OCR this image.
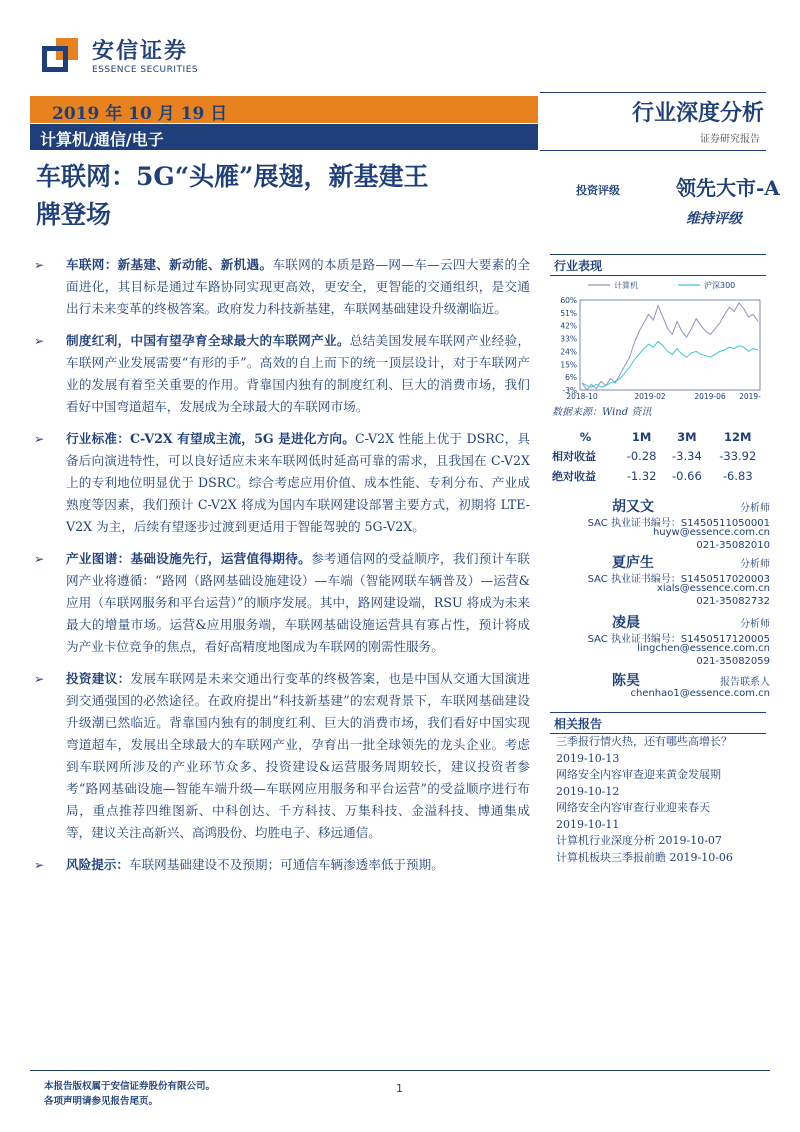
安信证券
ESSENCE SECURITIES
2019 年 10 月 19 日
计算机/通信/电子
车联网：5G“头雁”展翅，新基建王
牌登场
行业深度分析
证券研究报告
投资评级	领先大市-A
维持评级
➢ 车联网：新基建、新动能、新机遇。车联网的本质是路—网—车—云四大要素的全面进化，其目标是通过车路协同实现更高效，更安全，更智能的交通组织，是交通出行未来变革的终极答案。政府发力科技新基建，车联网基础建设升级潮临近。
➢ 制度红利，中国有望孕育全球最大的车联网产业。总结美国发展车联网产业经验，车联网产业发展需要“有形的手”。高效的自上而下的统一顶层设计，对于车联网产业的发展有着至关重要的作用。背靠国内独有的制度红利、巨大的消费市场，我们看好中国弯道超车，发展成为全球最大的车联网市场。
➢ 行业标准：C-V2X 有望成主流，5G 是进化方向。C-V2X 性能上优于 DSRC，具备后向演进特性，可以良好适应未来车联网低时延高可靠的需求，且我国在 C-V2X 上的专利地位明显优于 DSRC。综合考虑应用价值、成本性能、专利分布、产业成熟度等因素，我们预计 C-V2X 将成为国内车联网建设部署主要方式，初期将 LTE-V2X 为主，后续有望逐步过渡到更适用于智能驾驶的 5G-V2X。
➢ 产业图谱：基础设施先行，运营值得期待。参考通信网的受益顺序，我们预计车联网产业将遵循：“路网（路网基础设施建设）—车端（智能网联车辆普及）—运营&应用（车联网服务和平台运营）”的顺序发展。其中，路网建设端，RSU 将成为未来最大的增量市场。运营&应用服务端，车联网基础设施运营具有寡占性，预计将成为产业卡位竞争的焦点，看好高精度地图成为车联网的刚需性服务。
➢ 投资建议：发展车联网是未来交通出行变革的终极答案，也是中国从交通大国演进到交通强国的必然途径。在政府提出“科技新基建”的宏观背景下，车联网基础建设升级潮已然临近。背靠国内独有的制度红利、巨大的消费市场，我们看好中国实现弯道超车，发展出全球最大的车联网产业，孕育出一批全球领先的龙头企业。考虑到车联网所涉及的产业环节众多、投资建设&运营服务周期较长，建议投资者参考“路网基础设施—智能车端升级—车联网应用服务和平台运营”的受益顺序进行布局，重点推荐四维图新、中科创达、千方科技、万集科技、金溢科技、博通集成等，建议关注高新兴、高鸿股份、均胜电子、移远通信。
➢ 风险提示：车联网基础建设不及预期；可通信车辆渗透率低于预期。
行业表现
60%
51%
42%
33%
24%
15%
6%
-3%
2018-10	2019-02	2019-06 2019-
计算机	沪深300
数据来源：Wind 资讯
%	1M	3M	12M
相对收益	-0.28	-3.34	-33.92
绝对收益	-1.32	-0.66	-6.83
胡又文	分析师
SAC 执业证书编号：S1450511050001
huyw@essence.com.cn
021-35082010
夏庐生	分析师
SAC 执业证书编号：S1450517020003
xials@essence.com.cn
021-35082732
凌晨	分析师
SAC 执业证书编号：S1450517120005
lingchen@essence.com.cn
021-35082059
陈昊	报告联系人
chenhao1@essence.com.cn
相关报告
三季报行情火热，还有哪些高增长？
2019-10-13
网络安全内容审查迎来黄金发展期
2019-10-12
网络安全内容审查行业迎来春天
2019-10-11
计算机行业深度分析 2019-10-07
计算机板块三季报前瞻 2019-10-06
本报告版权属于安信证券股份有限公司。
各项声明请参见报告尾页。
1
